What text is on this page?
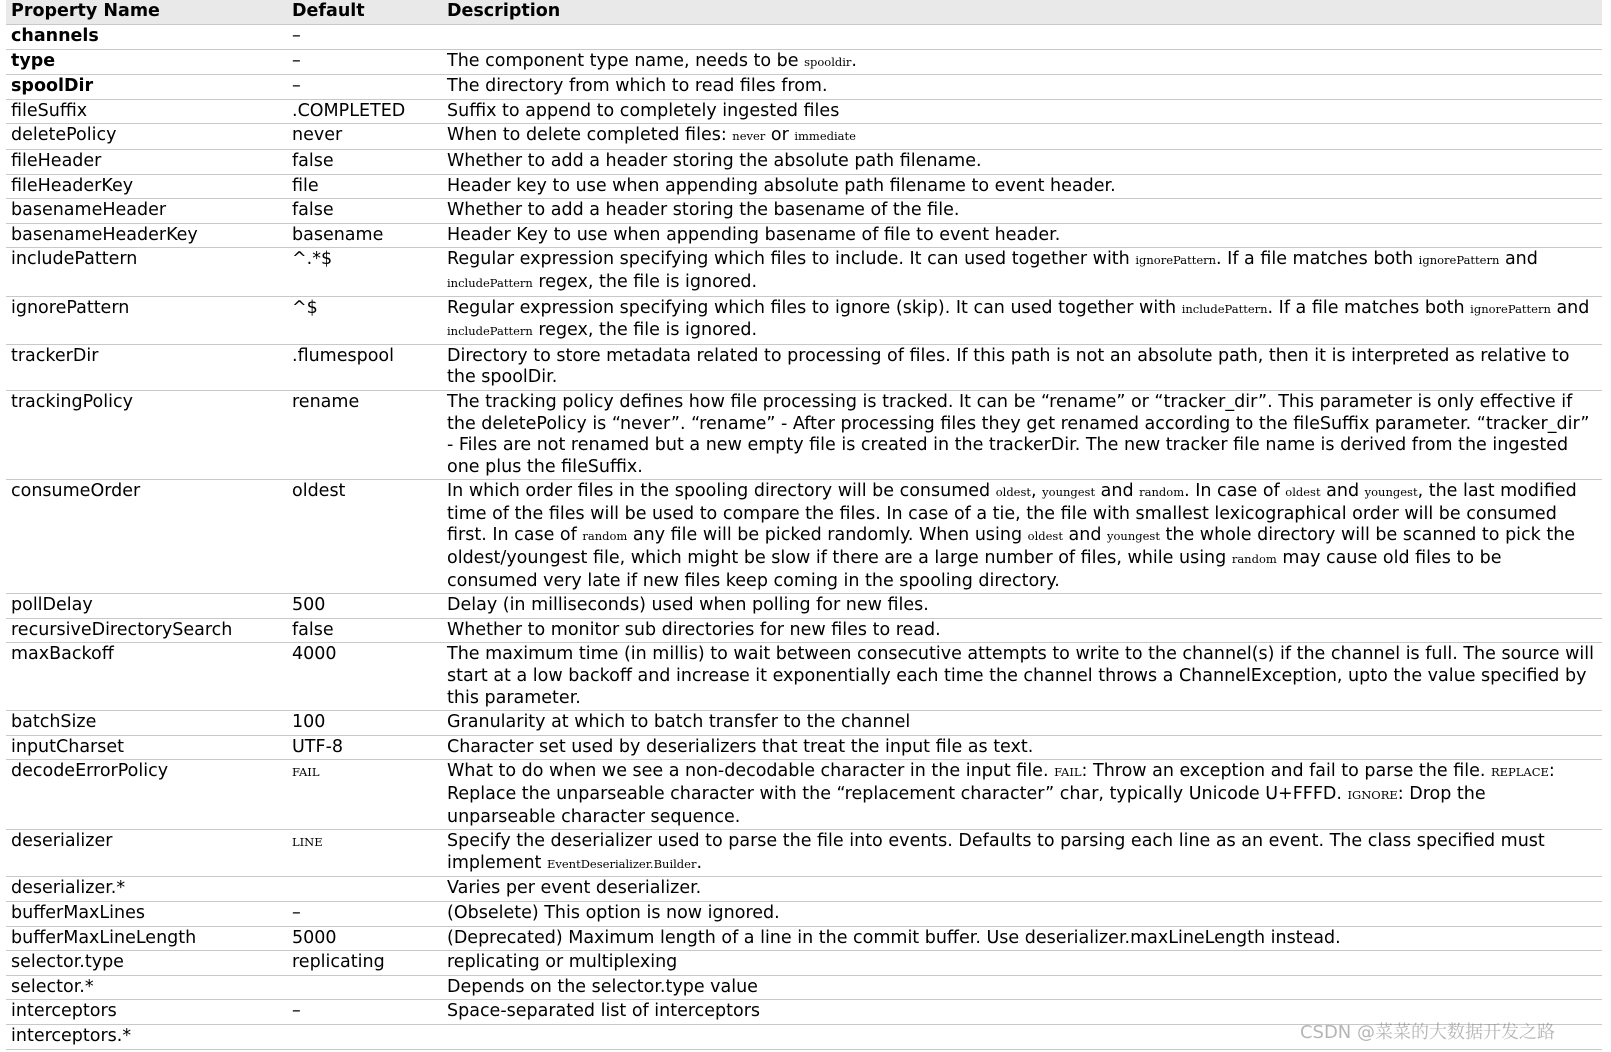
Property Name	Default	Description
channels	–	
type	–	The component type name, needs to be spooldir.
spoolDir	–	The directory from which to read files from.
fileSuffix	.COMPLETED	Suffix to append to completely ingested files
deletePolicy	never	When to delete completed files: never or immediate
fileHeader	false	Whether to add a header storing the absolute path filename.
fileHeaderKey	file	Header key to use when appending absolute path filename to event header.
basenameHeader	false	Whether to add a header storing the basename of the file.
basenameHeaderKey	basename	Header Key to use when appending basename of file to event header.
includePattern	^.*$	Regular expression specifying which files to include. It can used together with ignorePattern. If a file matches both ignorePattern and includePattern regex, the file is ignored.
ignorePattern	^$	Regular expression specifying which files to ignore (skip). It can used together with includePattern. If a file matches both ignorePattern and includePattern regex, the file is ignored.
trackerDir	.flumespool	Directory to store metadata related to processing of files. If this path is not an absolute path, then it is interpreted as relative to the spoolDir.
trackingPolicy	rename	The tracking policy defines how file processing is tracked. It can be “rename” or “tracker_dir”. This parameter is only effective if the deletePolicy is “never”. “rename” - After processing files they get renamed according to the fileSuffix parameter. “tracker_dir” - Files are not renamed but a new empty file is created in the trackerDir. The new tracker file name is derived from the ingested one plus the fileSuffix.
consumeOrder	oldest	In which order files in the spooling directory will be consumed oldest, youngest and random. In case of oldest and youngest, the last modified time of the files will be used to compare the files. In case of a tie, the file with smallest lexicographical order will be consumed first. In case of random any file will be picked randomly. When using oldest and youngest the whole directory will be scanned to pick the oldest/youngest file, which might be slow if there are a large number of files, while using random may cause old files to be consumed very late if new files keep coming in the spooling directory.
pollDelay	500	Delay (in milliseconds) used when polling for new files.
recursiveDirectorySearch	false	Whether to monitor sub directories for new files to read.
maxBackoff	4000	The maximum time (in millis) to wait between consecutive attempts to write to the channel(s) if the channel is full. The source will start at a low backoff and increase it exponentially each time the channel throws a ChannelException, upto the value specified by this parameter.
batchSize	100	Granularity at which to batch transfer to the channel
inputCharset	UTF-8	Character set used by deserializers that treat the input file as text.
decodeErrorPolicy	FAIL	What to do when we see a non-decodable character in the input file. FAIL: Throw an exception and fail to parse the file. REPLACE: Replace the unparseable character with the “replacement character” char, typically Unicode U+FFFD. IGNORE: Drop the unparseable character sequence.
deserializer	LINE	Specify the deserializer used to parse the file into events. Defaults to parsing each line as an event. The class specified must implement EventDeserializer.Builder.
deserializer.*		Varies per event deserializer.
bufferMaxLines	–	(Obselete) This option is now ignored.
bufferMaxLineLength	5000	(Deprecated) Maximum length of a line in the commit buffer. Use deserializer.maxLineLength instead.
selector.type	replicating	replicating or multiplexing
selector.*		Depends on the selector.type value
interceptors	–	Space-separated list of interceptors
interceptors.*			CSDN @菜菜的大数据开发之路
